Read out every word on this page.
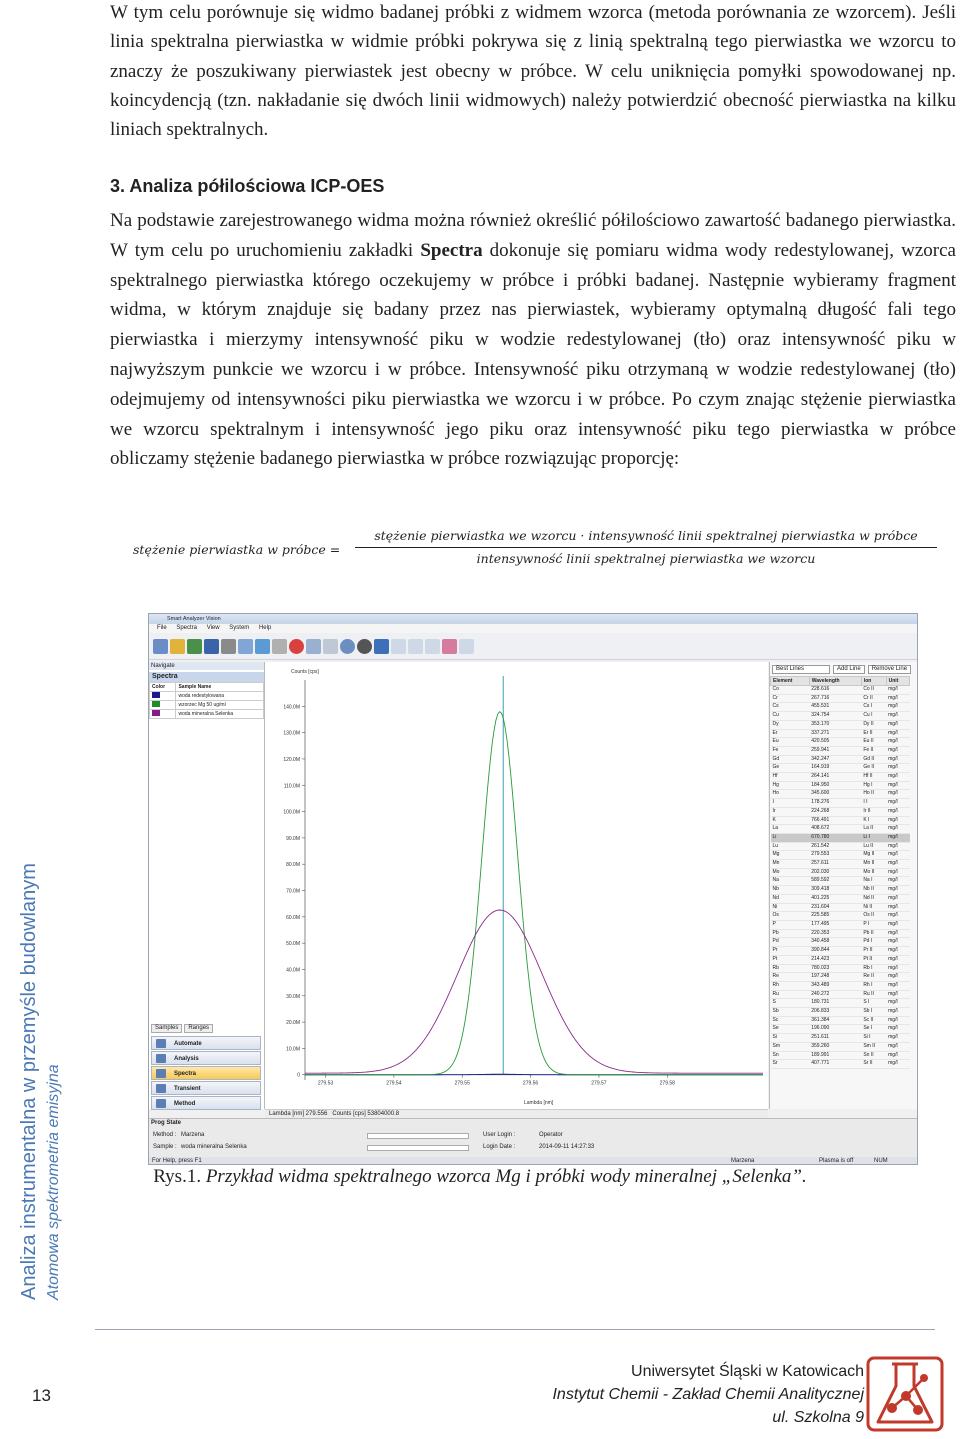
W tym celu porównuje się widmo badanej próbki z widmem wzorca (metoda porównania ze wzorcem). Jeśli linia spektralna pierwiastka w widmie próbki pokrywa się z linią spektralną tego pierwiastka we wzorcu to znaczy że poszukiwany pierwiastek jest obecny w próbce. W celu uniknięcia pomyłki spowodowanej np. koincydencją (tzn. nakładanie się dwóch linii widmowych) należy potwierdzić obecność pierwiastka na kilku liniach spektralnych.

3. Analiza półilościowa ICP-OES

Na podstawie zarejestrowanego widma można również określić półilościowo zawartość badanego pierwiastka. W tym celu po uruchomieniu zakładki Spectra dokonuje się pomiaru widma wody redestylowanej, wzorca spektralnego pierwiastka którego oczekujemy w próbce i próbki badanej. Następnie wybieramy fragment widma, w którym znajduje się badany przez nas pierwiastek, wybieramy optymalną długość fali tego pierwiastka i mierzymy intensywność piku w wodzie redestylowanej (tło) oraz intensywność piku w najwyższym punkcie we wzorcu i w próbce. Intensywność piku otrzymaną w wodzie redestylowanej (tło) odejmujemy od intensywności piku pierwiastka we wzorcu i w próbce. Po czym znając stężenie pierwiastka we wzorcu spektralnym i intensywność jego piku oraz intensywność piku tego pierwiastka w próbce obliczamy stężenie badanego pierwiastka w próbce rozwiązując proporcję:

stężenie pierwiastka w próbce =
stężenie pierwiastka we wzorcu · intensywność linii spektralnej pierwiastka w próbce
intensywność linii spektralnej pierwiastka we wzorcu
Smart Analyzer Vision
File Spectra View System Help
Navigate
Spectra
Color	Sample Name
	woda redestylowana
	wzorzec Mg 50 ug/ml
	woda mineralna Selenka
Samples	Ranges
Automate
Analysis
Spectra
Transient
Method
0
10.0M
20.0M
30.0M
40.0M
50.0M
60.0M
70.0M
80.0M
90.0M
100.0M
110.0M
120.0M
130.0M
140.0M
279.53	279.54	279.55	279.56	279.57	279.58
Counts [cps]
Lambda [nm]
Lambda [nm] 279.556 Counts [cps] 53804000.8
Best Lines	Add Line	Remove Line
Element	Wavelength	Ion	Unit
Co	228.616	Co II	mg/l
Cr	267.716	Cr II	mg/l
Cs	455.531	Cs I	mg/l
Cu	324.754	Cu I	mg/l
Dy	353.170	Dy II	mg/l
Er	337.271	Er II	mg/l
Eu	420.505	Eu II	mg/l
Fe	259.941	Fe II	mg/l
Gd	342.247	Gd II	mg/l
Ge	164.919	Ge II	mg/l
Hf	264.141	Hf II	mg/l
Hg	184.950	Hg I	mg/l
Ho	345.600	Ho II	mg/l
I	178.276	I I	mg/l
Ir	224.268	Ir II	mg/l
K	766.491	K I	mg/l
La	408.672	La II	mg/l
Li	670.780	Li I	mg/l
Lu	261.542	Lu II	mg/l
Mg	279.553	Mg II	mg/l
Mn	257.611	Mn II	mg/l
Mo	202.030	Mo II	mg/l
Na	589.592	Na I	mg/l
Nb	309.418	Nb II	mg/l
Nd	401.225	Nd II	mg/l
Ni	231.604	Ni II	mg/l
Os	225.585	Os II	mg/l
P	177.495	P I	mg/l
Pb	220.353	Pb II	mg/l
Pd	340.458	Pd I	mg/l
Pr	390.844	Pr II	mg/l
Pt	214.423	Pt II	mg/l
Rb	780.023	Rb I	mg/l
Re	197.248	Re II	mg/l
Rh	343.489	Rh I	mg/l
Ru	240.272	Ru II	mg/l
S	180.731	S I	mg/l
Sb	206.833	Sb I	mg/l
Sc	361.384	Sc II	mg/l
Se	196.090	Se I	mg/l
Si	251.611	Si I	mg/l
Sm	359.260	Sm II	mg/l
Sn	189.991	Sn II	mg/l
Sr	407.771	Sr II	mg/l
Prog State
Method : Marzena
Sample : woda mineralna Selenka
User Login :	Operator
Login Date :	2014-09-11 14:27:33
For Help, press F1	Marzena	Plasma is off	NUM

Rys.1. Przykład widma spektralnego wzorca Mg i próbki wody mineralnej „Selenka”.

Analiza instrumentalna w przemyśle budowlanym Atomowa spektrometria emisyjna
13
Uniwersytet Śląski w Katowicach
Instytut Chemii - Zakład Chemii Analitycznej
ul. Szkolna 9
